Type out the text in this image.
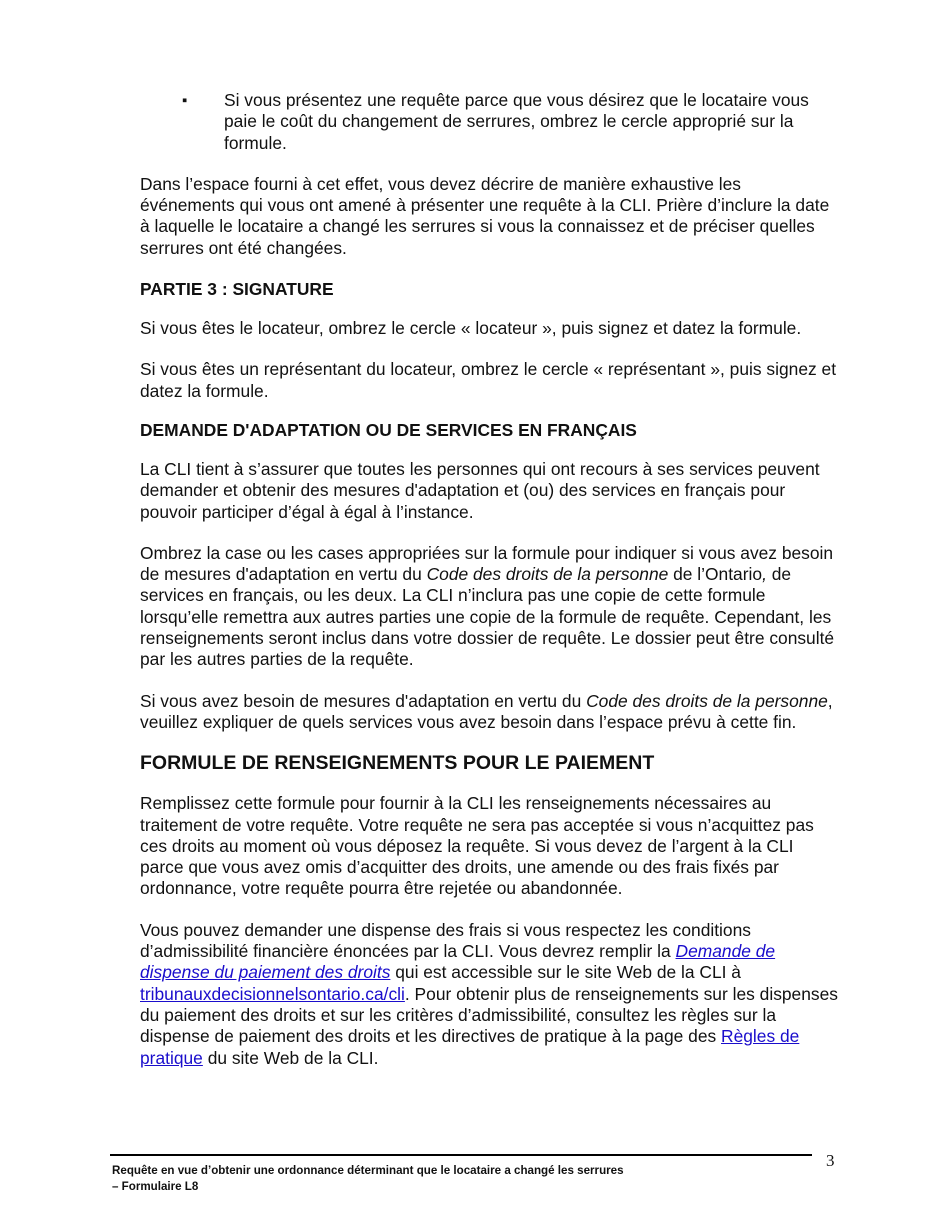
▪ Si vous présentez une requête parce que vous désirez que le locataire vous paie le coût du changement de serrures, ombrez le cercle approprié sur la formule.

Dans l’espace fourni à cet effet, vous devez décrire de manière exhaustive les événements qui vous ont amené à présenter une requête à la CLI. Prière d’inclure la date à laquelle le locataire a changé les serrures si vous la connaissez et de préciser quelles serrures ont été changées.

PARTIE 3 : SIGNATURE

Si vous êtes le locateur, ombrez le cercle « locateur », puis signez et datez la formule.

Si vous êtes un représentant du locateur, ombrez le cercle « représentant », puis signez et datez la formule.

DEMANDE D'ADAPTATION OU DE SERVICES EN FRANÇAIS

La CLI tient à s’assurer que toutes les personnes qui ont recours à ses services peuvent demander et obtenir des mesures d'adaptation et (ou) des services en français pour pouvoir participer d’égal à égal à l’instance.

Ombrez la case ou les cases appropriées sur la formule pour indiquer si vous avez besoin de mesures d'adaptation en vertu du Code des droits de la personne de l’Ontario, de services en français, ou les deux. La CLI n’inclura pas une copie de cette formule lorsqu’elle remettra aux autres parties une copie de la formule de requête. Cependant, les renseignements seront inclus dans votre dossier de requête. Le dossier peut être consulté par les autres parties de la requête.

Si vous avez besoin de mesures d'adaptation en vertu du Code des droits de la personne, veuillez expliquer de quels services vous avez besoin dans l’espace prévu à cette fin.

FORMULE DE RENSEIGNEMENTS POUR LE PAIEMENT

Remplissez cette formule pour fournir à la CLI les renseignements nécessaires au traitement de votre requête. Votre requête ne sera pas acceptée si vous n’acquittez pas ces droits au moment où vous déposez la requête. Si vous devez de l’argent à la CLI parce que vous avez omis d’acquitter des droits, une amende ou des frais fixés par ordonnance, votre requête pourra être rejetée ou abandonnée.

Vous pouvez demander une dispense des frais si vous respectez les conditions d’admissibilité financière énoncées par la CLI. Vous devrez remplir la Demande de dispense du paiement des droits qui est accessible sur le site Web de la CLI à tribunauxdecisionnelsontario.ca/cli. Pour obtenir plus de renseignements sur les dispenses du paiement des droits et sur les critères d’admissibilité, consultez les règles sur la dispense de paiement des droits et les directives de pratique à la page des Règles de pratique du site Web de la CLI.

3
Requête en vue d’obtenir une ordonnance déterminant que le locataire a changé les serrures
– Formulaire L8
